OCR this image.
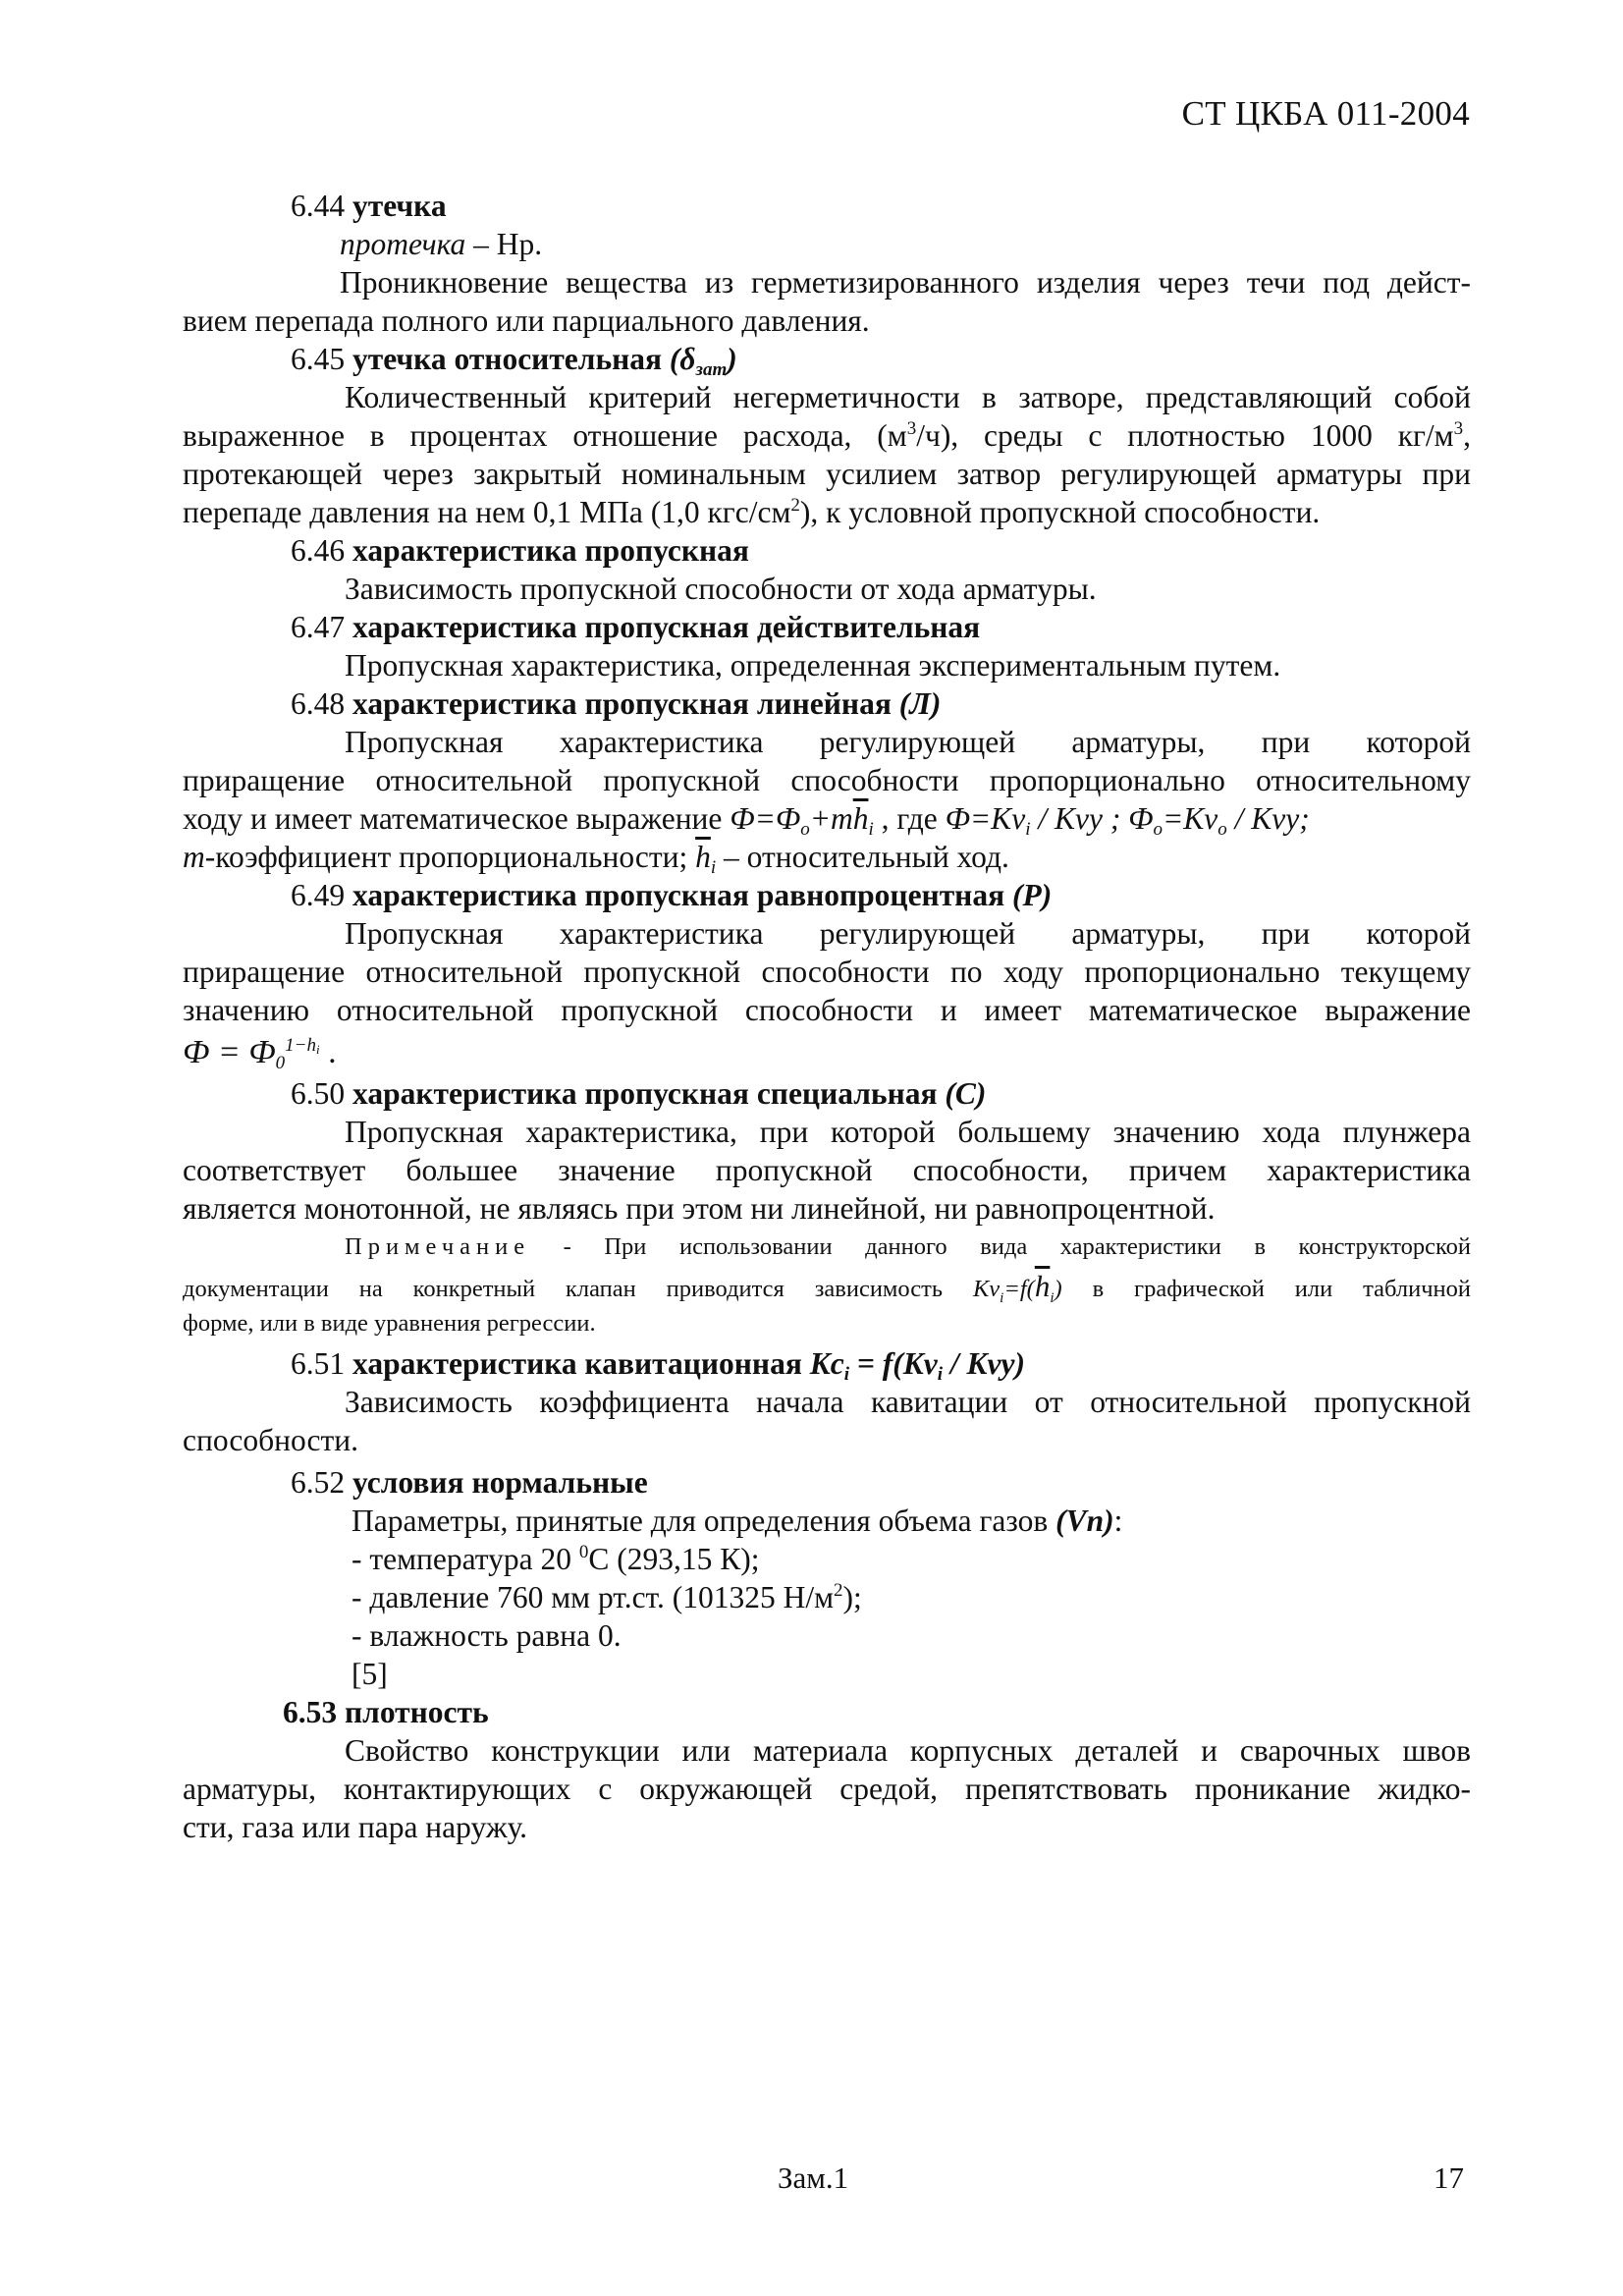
СТ ЦКБА 011-2004

6.44 утечка

протечка – Нр.

Проникновение вещества из герметизированного изделия через течи под дейст-

вием перепада полного или парциального давления.

6.45 утечка относительная $(\delta_{зат})$

Количественный критерий негерметичности в затворе, представляющий собой

выраженное в процентах отношение расхода, $(м^3/ч)$, среды с плотностью 1000 $кг/м^3$,

протекающей через закрытый номинальным усилием затвор регулирующей арматуры при

перепаде давления на нем 0,1 МПа (1,0 кгс/$см^2$), к условной пропускной способности.

6.46 характеристика пропускная

Зависимость пропускной способности от хода арматуры.

6.47 характеристика пропускная действительная

Пропускная характеристика, определенная экспериментальным путем.

6.48 характеристика пропускная линейная (Л)

Пропускная характеристика регулирующей арматуры, при которой

приращение относительной пропускной способности пропорционально относительному

ходу и имеет математическое выражение $Ф=Ф_o+m\overline{h}_i$ , где $Ф=Kv_i$ / Kvy ; $Ф_o=Kv_o$ / Kvy;

m-коэффициент пропорциональности; $\overline{h}_i$ – относительный ход.

6.49 характеристика пропускная равнопроцентная (Р)

Пропускная характеристика регулирующей арматуры, при которой

приращение относительной пропускной способности по ходу пропорционально текущему

значению относительной пропускной способности и имеет математическое выражение

$Ф = Ф_0^{1-h_i}$ .

6.50 характеристика пропускная специальная (С)

Пропускная характеристика, при которой большему значению хода плунжера

соответствует большее значение пропускной способности, причем характеристика

является монотонной, не являясь при этом ни линейной, ни равнопроцентной.

Примечание - При использовании данного вида характеристики в конструкторской

документации на конкретный клапан приводится зависимость $Kv_i=f(\overline{h}_i)$ в графической или табличной

форме, или в виде уравнения регрессии.

6.51 характеристика кавитационная $Kc_i = f(Kv_i / Kvy)$

Зависимость коэффициента начала кавитации от относительной пропускной

способности.

6.52 условия нормальные

Параметры, принятые для определения объема газов (Vn):

- температура 20 $^0$С (293,15 К);

- давление 760 мм рт.ст. (101325 $Н/м^2$);

- влажность равна 0.

[5]

6.53 плотность

Свойство конструкции или материала корпусных деталей и сварочных швов

арматуры, контактирующих с окружающей средой, препятствовать проникание жидко-

сти, газа или пара наружу.

Зам.1	17
